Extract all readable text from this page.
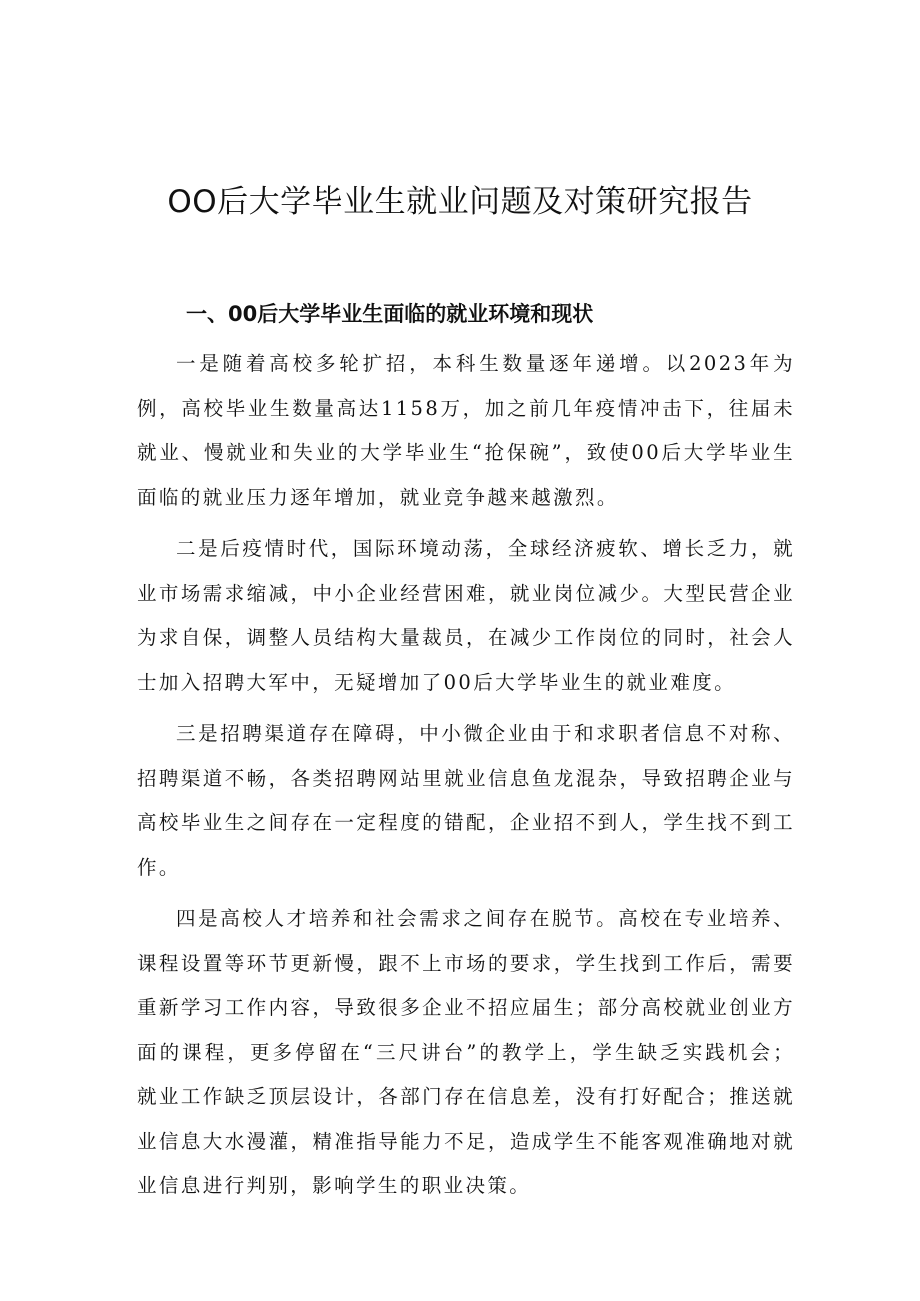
OO后大学毕业生就业问题及对策研究报告
一、00后大学毕业生面临的就业环境和现状

一是随着高校多轮扩招，本科生数量逐年递增。以2023年为例，高校毕业生数量高达1158万，加之前几年疫情冲击下，往届未就业、慢就业和失业的大学毕业生“抢保碗”，致使00后大学毕业生面临的就业压力逐年增加，就业竞争越来越激烈。

二是后疫情时代，国际环境动荡，全球经济疲软、增长乏力，就业市场需求缩减，中小企业经营困难，就业岗位减少。大型民营企业为求自保，调整人员结构大量裁员，在减少工作岗位的同时，社会人士加入招聘大军中，无疑增加了00后大学毕业生的就业难度。

三是招聘渠道存在障碍，中小微企业由于和求职者信息不对称、招聘渠道不畅，各类招聘网站里就业信息鱼龙混杂，导致招聘企业与高校毕业生之间存在一定程度的错配，企业招不到人，学生找不到工作。

四是高校人才培养和社会需求之间存在脱节。高校在专业培养、课程设置等环节更新慢，跟不上市场的要求，学生找到工作后，需要重新学习工作内容，导致很多企业不招应届生；部分高校就业创业方面的课程，更多停留在“三尺讲台”的教学上，学生缺乏实践机会；就业工作缺乏顶层设计，各部门存在信息差，没有打好配合；推送就业信息大水漫灌，精准指导能力不足，造成学生不能客观准确地对就业信息进行判别，影响学生的职业决策。
